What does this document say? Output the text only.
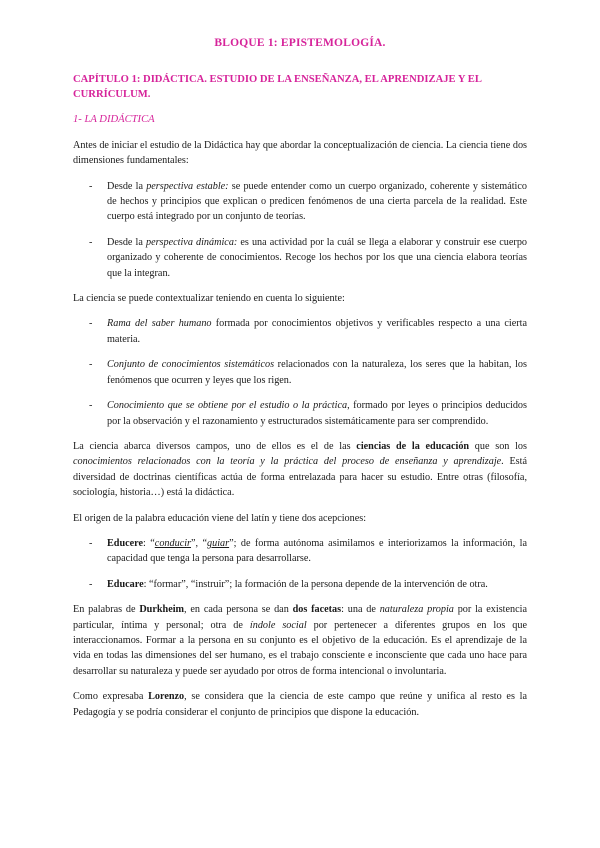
BLOQUE 1: EPISTEMOLOGÍA.
CAPÍTULO 1: DIDÁCTICA. ESTUDIO DE LA ENSEÑANZA, EL APRENDIZAJE Y EL CURRÍCULUM.
1- LA DIDÁCTICA

Antes de iniciar el estudio de la Didáctica hay que abordar la conceptualización de ciencia. La ciencia tiene dos dimensiones fundamentales:

- Desde la perspectiva estable: se puede entender como un cuerpo organizado, coherente y sistemático de hechos y principios que explican o predicen fenómenos de una cierta parcela de la realidad. Este cuerpo está integrado por un conjunto de teorías.
- Desde la perspectiva dinámica: es una actividad por la cuál se llega a elaborar y construir ese cuerpo organizado y coherente de conocimientos. Recoge los hechos por los que una ciencia elabora teorías que la integran.

La ciencia se puede contextualizar teniendo en cuenta lo siguiente:

- Rama del saber humano formada por conocimientos objetivos y verificables respecto a una cierta materia.
- Conjunto de conocimientos sistemáticos relacionados con la naturaleza, los seres que la habitan, los fenómenos que ocurren y leyes que los rigen.
- Conocimiento que se obtiene por el estudio o la práctica, formado por leyes o principios deducidos por la observación y el razonamiento y estructurados sistemáticamente para ser comprendido.

La ciencia abarca diversos campos, uno de ellos es el de las ciencias de la educación que son los conocimientos relacionados con la teoría y la práctica del proceso de enseñanza y aprendizaje. Está diversidad de doctrinas científicas actúa de forma entrelazada para hacer su estudio. Entre otras (filosofía, sociología, historia…) está la didáctica.

El origen de la palabra educación viene del latín y tiene dos acepciones:

- Educere: “conducir”, “guiar”; de forma autónoma asimilamos e interiorizamos la información, la capacidad que tenga la persona para desarrollarse.
- Educare: “formar”, “instruir”; la formación de la persona depende de la intervención de otra.

En palabras de Durkheim, en cada persona se dan dos facetas: una de naturaleza propia por la existencia particular, íntima y personal; otra de índole social por pertenecer a diferentes grupos en los que interaccionamos. Formar a la persona en su conjunto es el objetivo de la educación. Es el aprendizaje de la vida en todas las dimensiones del ser humano, es el trabajo consciente e inconsciente que cada uno hace para desarrollar su naturaleza y puede ser ayudado por otros de forma intencional o involuntaria.

Como expresaba Lorenzo, se considera que la ciencia de este campo que reúne y unifica al resto es la Pedagogía y se podría considerar el conjunto de principios que dispone la educación.
